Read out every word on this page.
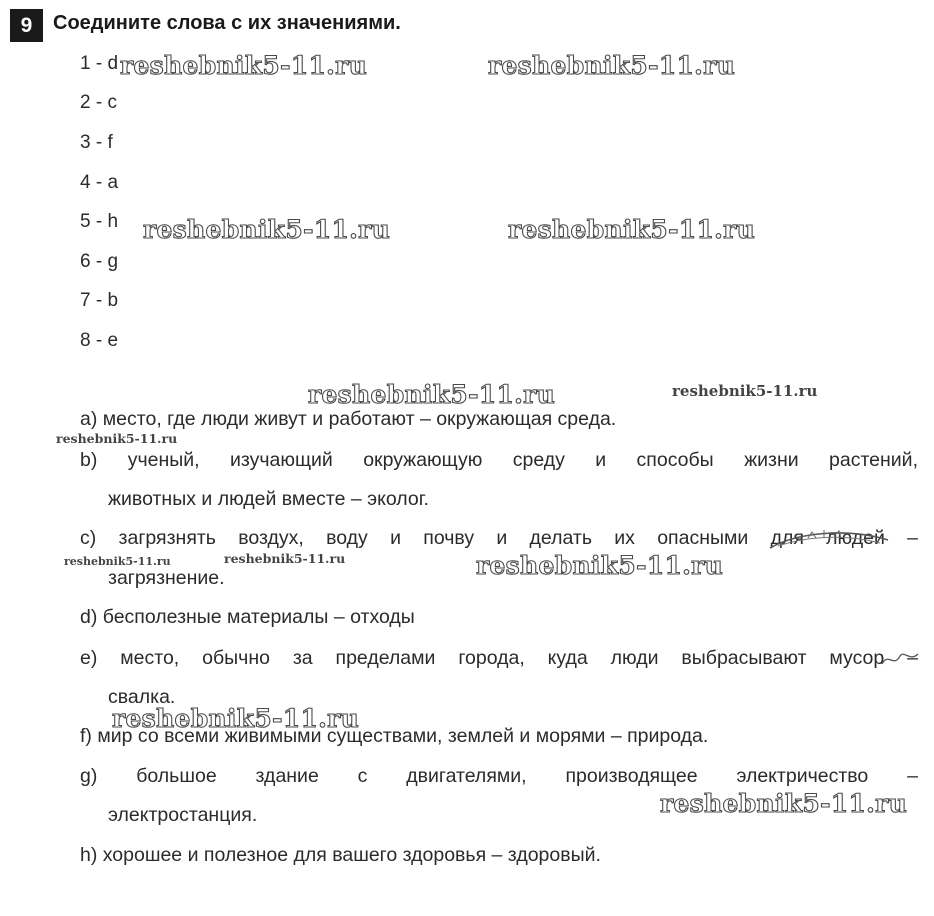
9	Соедините слова с их значениями.
1 - d
2 - c
3 - f
4 - a
5 - h
6 - g
7 - b
8 - e
a) место, где люди живут и работают – окружающая среда.
b) ученый, изучающий окружающую среду и способы жизни растений,
животных и людей вместе – эколог.
c) загрязнять воздух, воду и почву и делать их опасными для людей –
загрязнение.
d) бесполезные материалы – отходы
e) место, обычно за пределами города, куда люди выбрасывают мусор –
свалка.
f) мир со всеми живимыми существами, землей и морями – природа.
g) большое здание с двигателями, производящее электричество –
электростанция.
h) хорошее и полезное для вашего здоровья – здоровый.
reshebnik5-11.ru	reshebnik5-11.ru
reshebnik5-11.ru	reshebnik5-11.ru
reshebnik5-11.ru	reshebnik5-11.ru
reshebnik5-11.ru
reshebnik5-11.ru	reshebnik5-11.ru	reshebnik5-11.ru
reshebnik5-11.ru
reshebnik5-11.ru
